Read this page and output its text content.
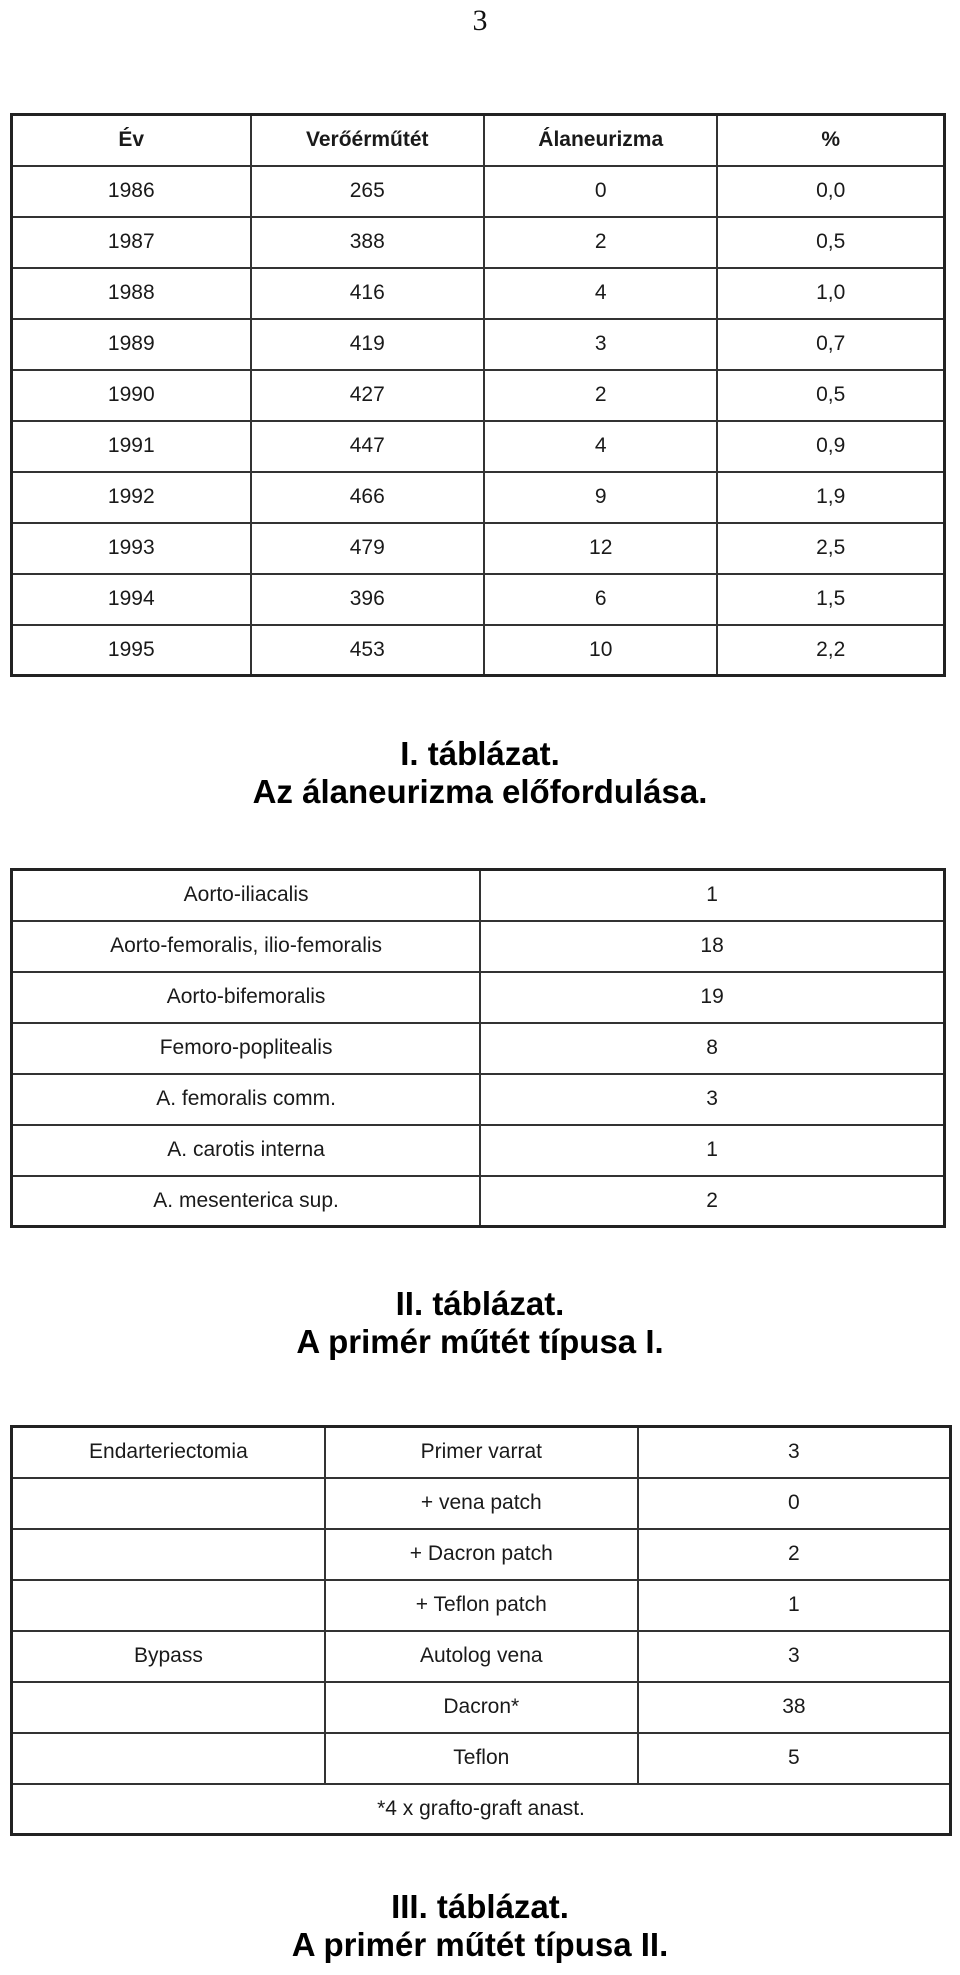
3
Év	Verőérműtét	Álaneurizma	%
1986	265	0	0,0
1987	388	2	0,5
1988	416	4	1,0
1989	419	3	0,7
1990	427	2	0,5
1991	447	4	0,9
1992	466	9	1,9
1993	479	12	2,5
1994	396	6	1,5
1995	453	10	2,2
I. táblázat.
Az álaneurizma előfordulása.
Aorto-iliacalis	1
Aorto-femoralis, ilio-femoralis	18
Aorto-bifemoralis	19
Femoro-poplitealis	8
A. femoralis comm.	3
A. carotis interna	1
A. mesenterica sup.	2
II. táblázat.
A primér műtét típusa I.
Endarteriectomia	Primer varrat	3
	+ vena patch	0
	+ Dacron patch	2
	+ Teflon patch	1
Bypass	Autolog vena	3
	Dacron*	38
	Teflon	5
*4 x grafto-graft anast.		
III. táblázat.
A primér műtét típusa II.
